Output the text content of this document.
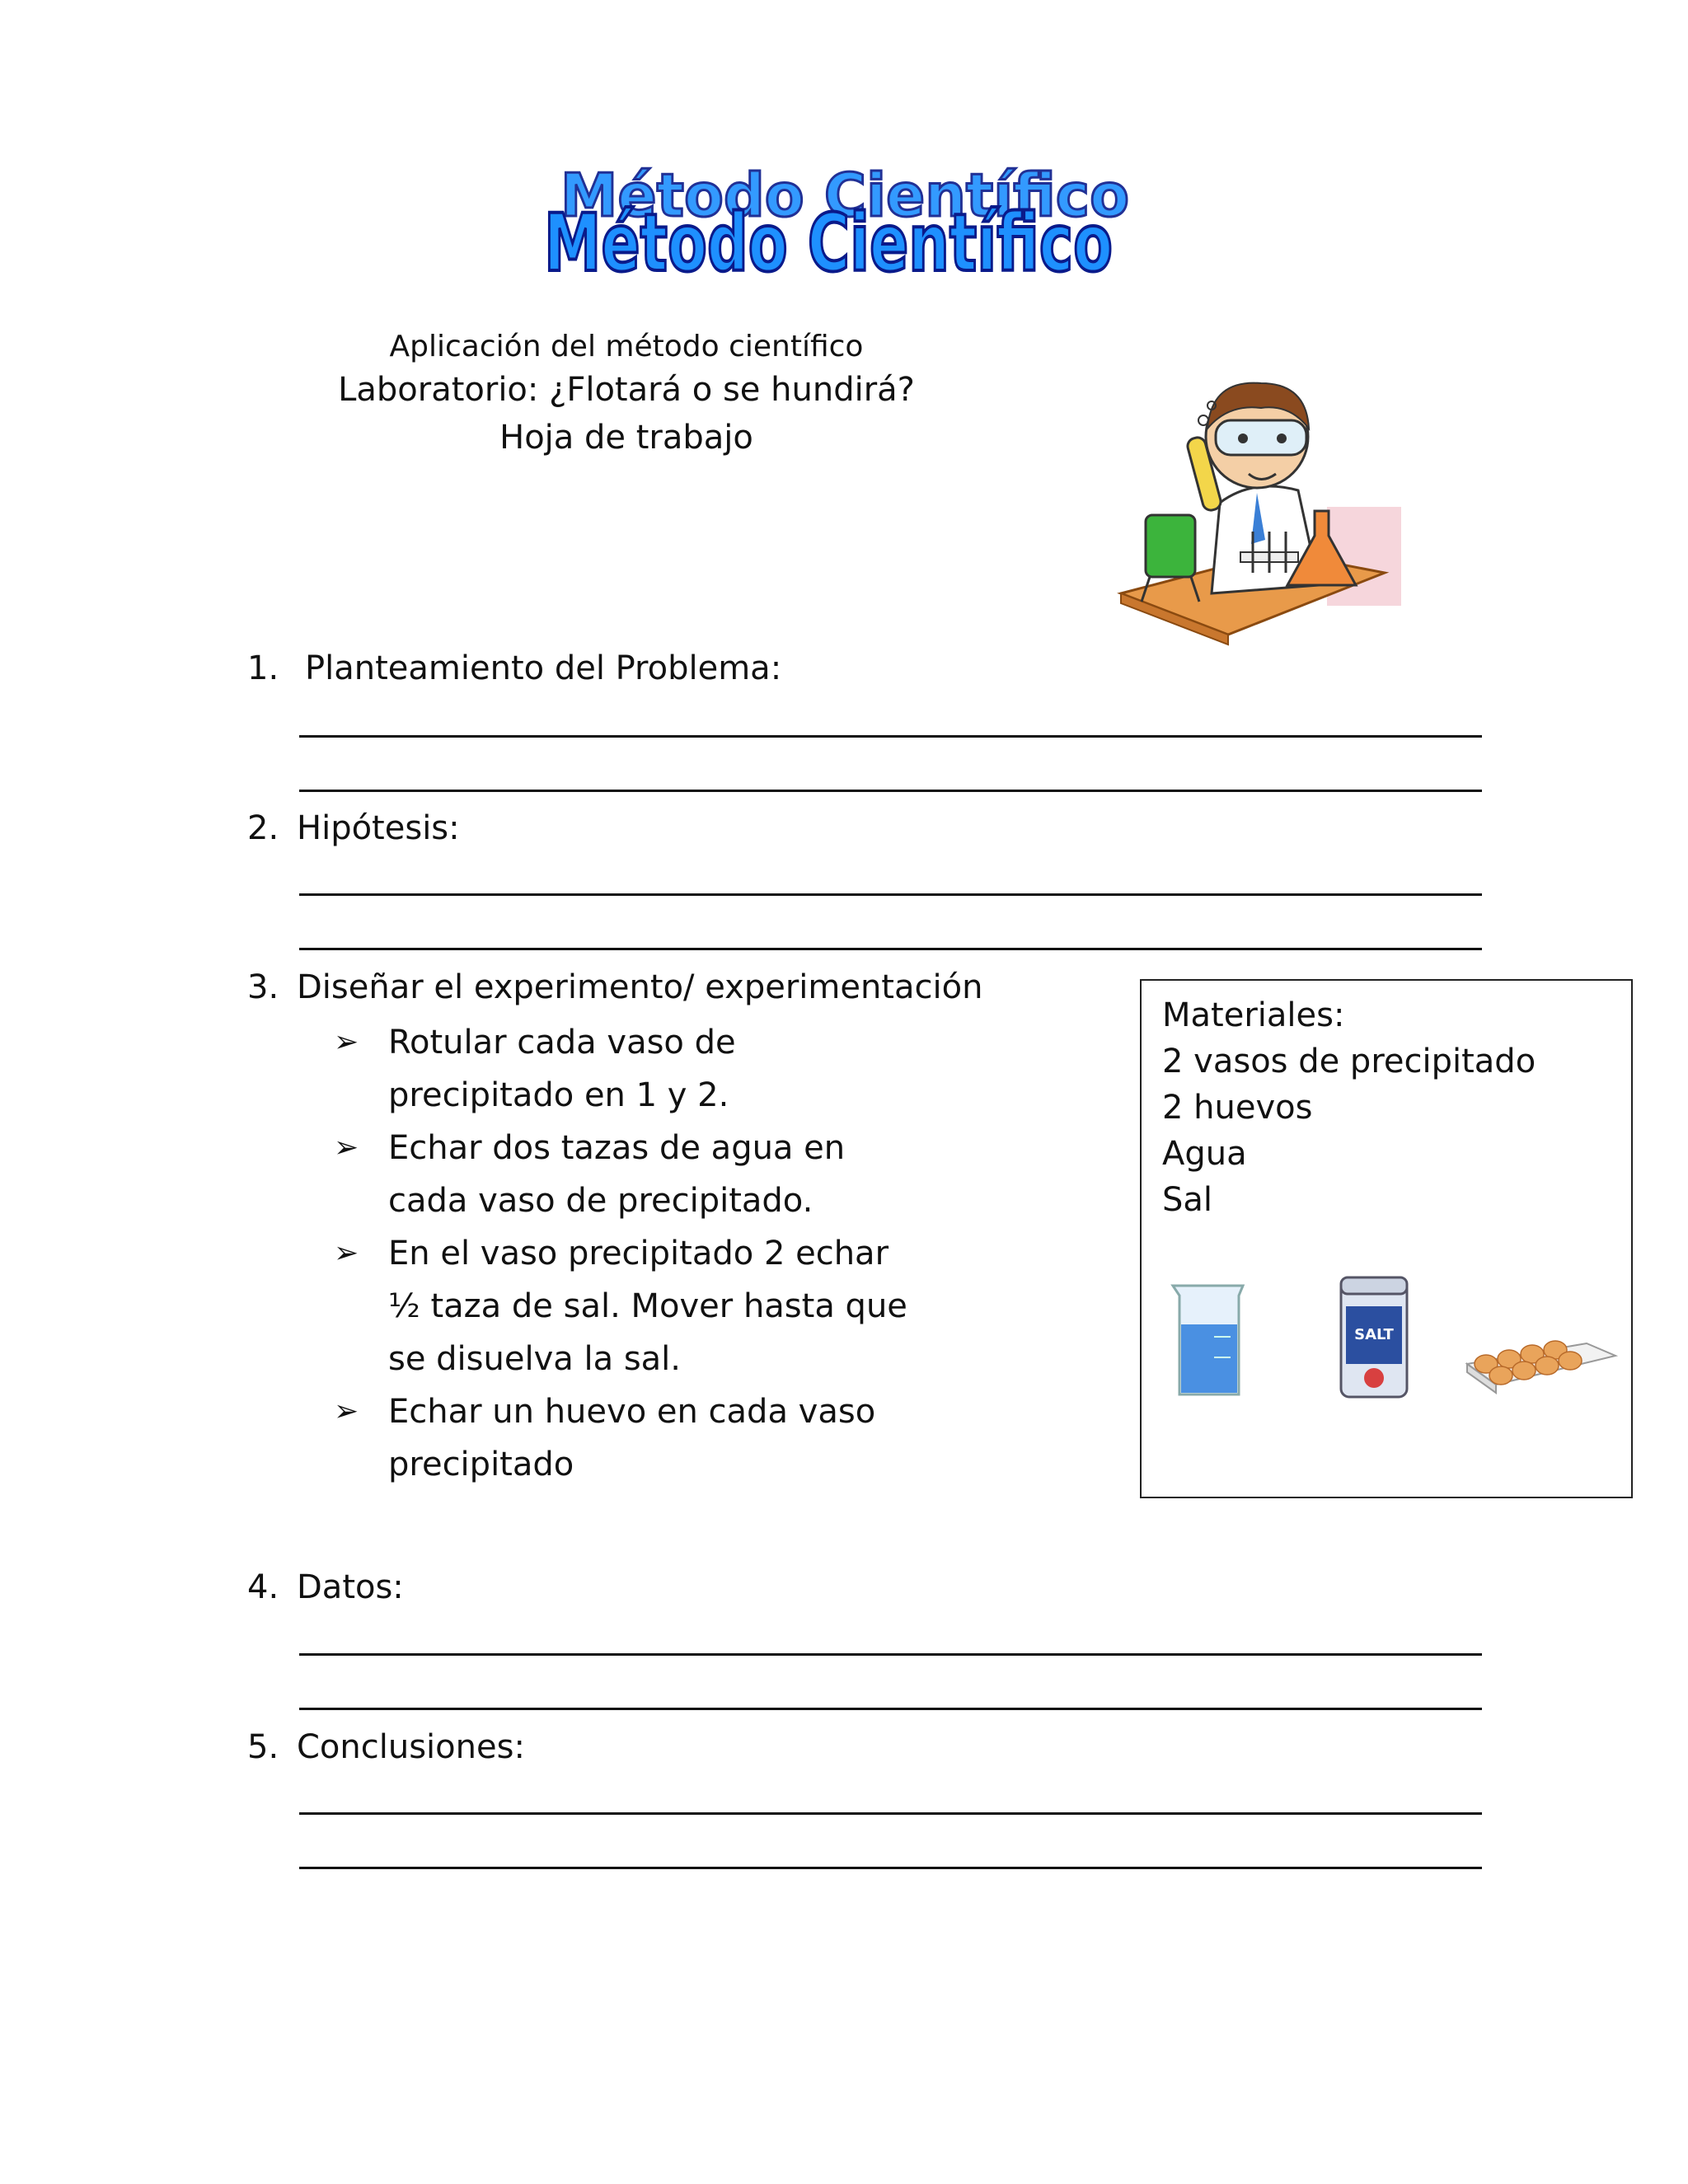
Método Científico
Método Científico
Aplicación del método científico
Laboratorio: ¿Flotará o se hundirá?
Hoja de trabajo
1. Planteamiento del Problema:
2. Hipótesis:
3. Diseñar el experimento/ experimentación
➢ Rotular cada vaso de precipitado en 1 y 2.
➢ Echar dos tazas de agua en cada vaso de precipitado.
➢ En el vaso precipitado 2 echar ½ taza de sal. Mover hasta que se disuelva la sal.
➢ Echar un huevo en cada vaso precipitado
Materiales:
2 vasos de precipitado
2 huevos
Agua
Sal
SALT
4. Datos:
5. Conclusiones:
